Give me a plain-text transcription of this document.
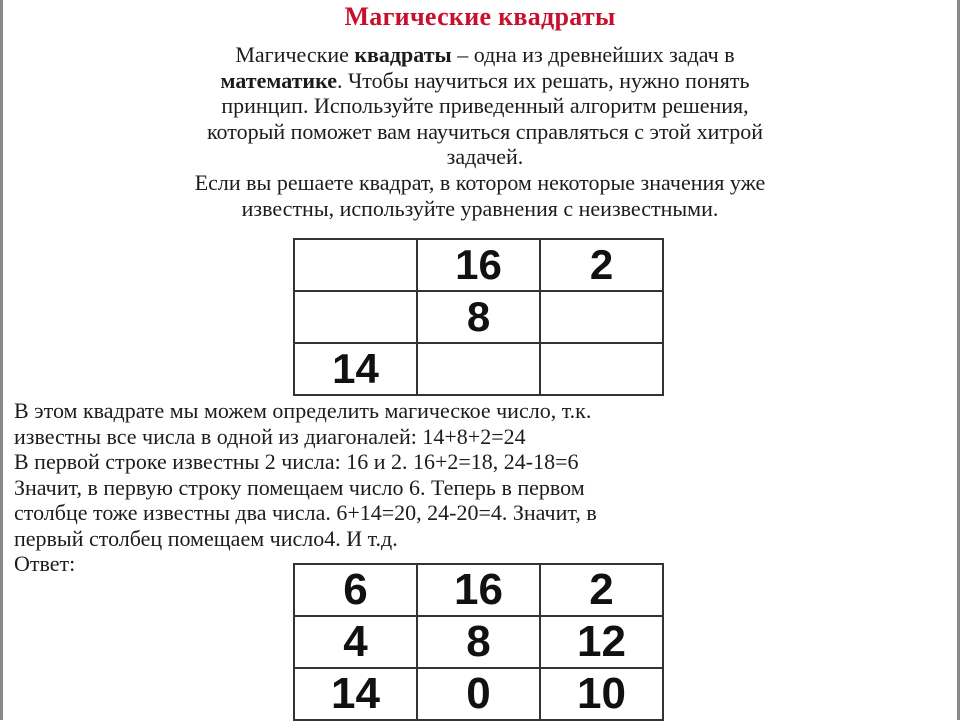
Магические квадраты
Магические квадраты – одна из древнейших задач в
математике. Чтобы научиться их решать, нужно понять
принцип. Используйте приведенный алгоритм решения,
который поможет вам научиться справляться с этой хитрой
задачей.
Если вы решаете квадрат, в котором некоторые значения уже
известны, используйте уравнения с неизвестными.
	16	2
	8	
14		
В этом квадрате мы можем определить магическое число, т.к.
известны все числа в одной из диагоналей: 14+8+2=24
В первой строке известны 2 числа: 16 и 2. 16+2=18, 24-18=6
Значит, в первую строку помещаем число 6. Теперь в первом
столбце тоже известны два числа. 6+14=20, 24-20=4. Значит, в
первый столбец помещаем число4. И т.д.
Ответ:
6	16	2
4	8	12
14	0	10
